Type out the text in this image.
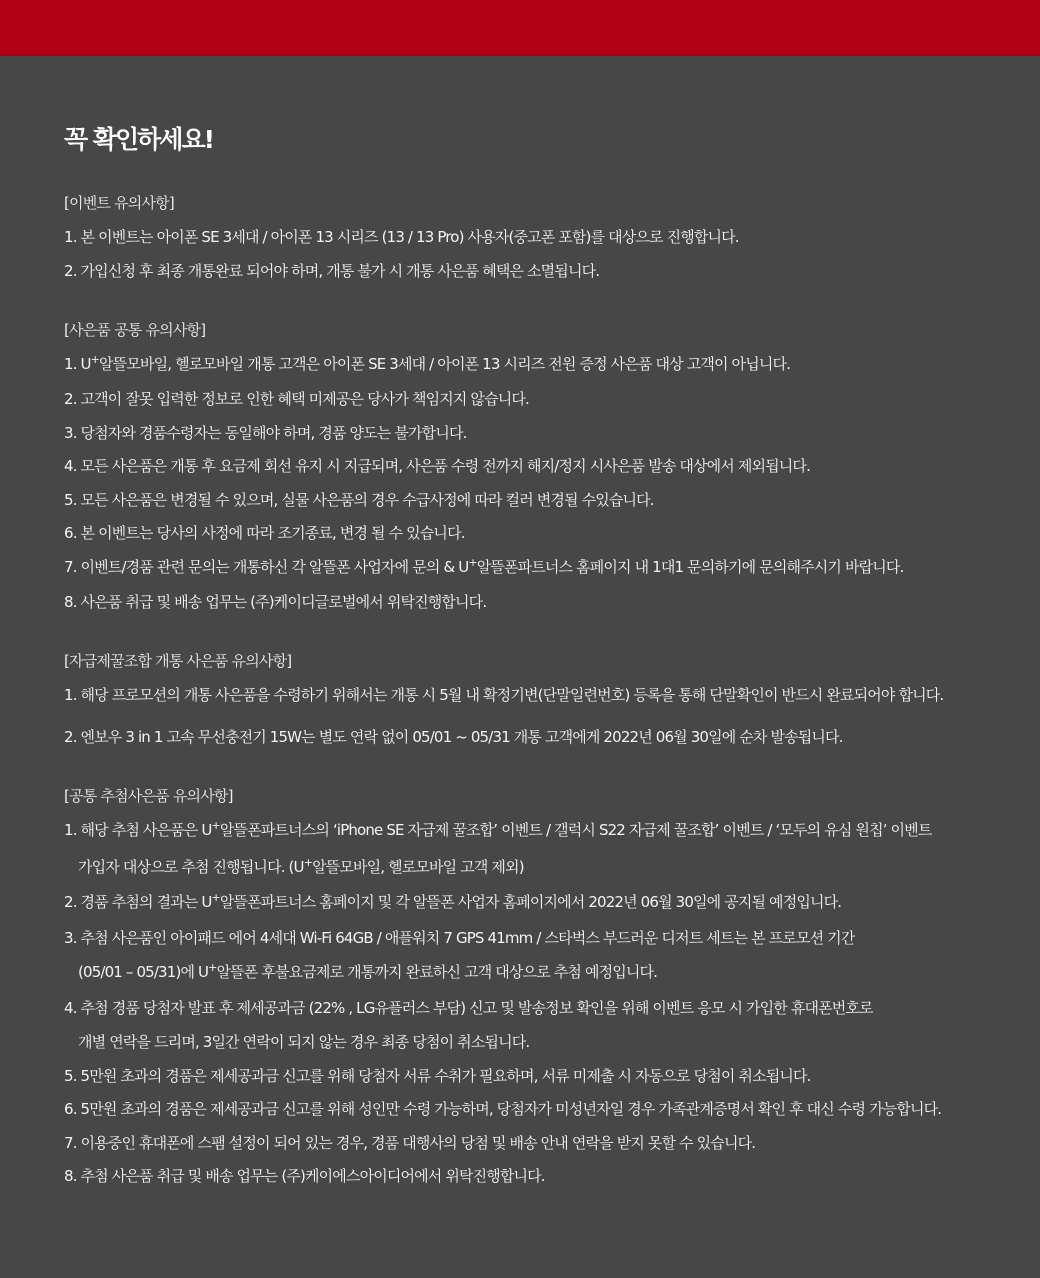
꼭 확인하세요!

[이벤트 유의사항]

1. 본 이벤트는 아이폰 SE 3세대 / 아이폰 13 시리즈 (13 / 13 Pro) 사용자(중고폰 포함)를 대상으로 진행합니다.

2. 가입신청 후 최종 개통완료 되어야 하며, 개통 불가 시 개통 사은품 혜택은 소멸됩니다.

[사은품 공통 유의사항]

1. U+알뜰모바일, 헬로모바일 개통 고객은 아이폰 SE 3세대 / 아이폰 13 시리즈 전원 증정 사은품 대상 고객이 아닙니다.

2. 고객이 잘못 입력한 정보로 인한 혜택 미제공은 당사가 책임지지 않습니다.

3. 당첨자와 경품수령자는 동일해야 하며, 경품 양도는 불가합니다.

4. 모든 사은품은 개통 후 요금제 회선 유지 시 지급되며, 사은품 수령 전까지 해지/정지 시사은품 발송 대상에서 제외됩니다.

5. 모든 사은품은 변경될 수 있으며, 실물 사은품의 경우 수급사정에 따라 컬러 변경될 수있습니다.

6. 본 이벤트는 당사의 사정에 따라 조기종료, 변경 될 수 있습니다.

7. 이벤트/경품 관련 문의는 개통하신 각 알뜰폰 사업자에 문의 & U+알뜰폰파트너스 홈페이지 내 1대1 문의하기에 문의해주시기 바랍니다.

8. 사은품 취급 및 배송 업무는 (주)케이디글로벌에서 위탁진행합니다.

[자급제꿀조합 개통 사은품 유의사항]

1. 해당 프로모션의 개통 사은품을 수령하기 위해서는 개통 시 5월 내 확정기변(단말일련번호) 등록을 통해 단말확인이 반드시 완료되어야 합니다.

2. 엔보우 3 in 1 고속 무선충전기 15W는 별도 연락 없이 05/01 ~ 05/31 개통 고객에게 2022년 06월 30일에 순차 발송됩니다.

[공통 추첨사은품 유의사항]

1. 해당 추첨 사은품은 U+알뜰폰파트너스의 ‘iPhone SE 자급제 꿀조합’ 이벤트 / 갤럭시 S22 자급제 꿀조합’ 이벤트 / ‘모두의 유심 원칩’ 이벤트
가입자 대상으로 추첨 진행됩니다. (U+알뜰모바일, 헬로모바일 고객 제외)

2. 경품 추첨의 결과는 U+알뜰폰파트너스 홈페이지 및 각 알뜰폰 사업자 홈페이지에서 2022년 06월 30일에 공지될 예정입니다.

3. 추첨 사은품인 아이패드 에어 4세대 Wi-Fi 64GB / 애플워치 7 GPS 41mm / 스타벅스 부드러운 디저트 세트는 본 프로모션 기간
(05/01 – 05/31)에 U+알뜰폰 후불요금제로 개통까지 완료하신 고객 대상으로 추첨 예정입니다.

4. 추첨 경품 당첨자 발표 후 제세공과금 (22% , LG유플러스 부담) 신고 및 발송정보 확인을 위해 이벤트 응모 시 가입한 휴대폰번호로
개별 연락을 드리며, 3일간 연락이 되지 않는 경우 최종 당첨이 취소됩니다.

5. 5만원 초과의 경품은 제세공과금 신고를 위해 당첨자 서류 수취가 필요하며, 서류 미제출 시 자동으로 당첨이 취소됩니다.

6. 5만원 초과의 경품은 제세공과금 신고를 위해 성인만 수령 가능하며, 당첨자가 미성년자일 경우 가족관계증명서 확인 후 대신 수령 가능합니다.

7. 이용중인 휴대폰에 스팸 설정이 되어 있는 경우, 경품 대행사의 당첨 및 배송 안내 연락을 받지 못할 수 있습니다.

8. 추첨 사은품 취급 및 배송 업무는 (주)케이에스아이디어에서 위탁진행합니다.
